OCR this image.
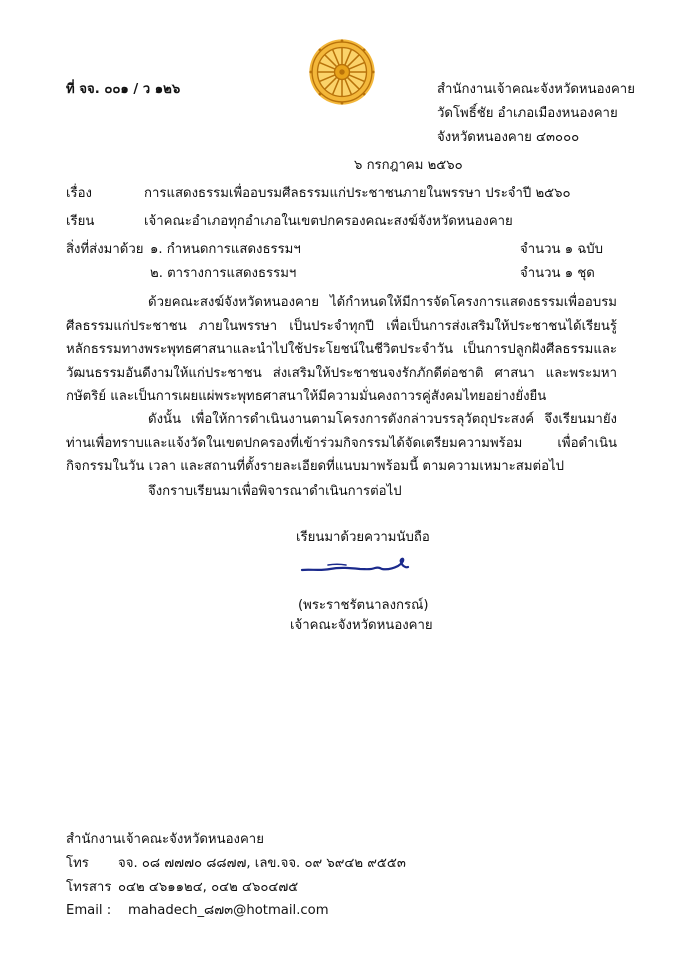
ที่ จจ. ๐๐๑ / ว ๑๒๖	สำนักงานเจ้าคณะจังหวัดหนองคาย
วัดโพธิ์ชัย อำเภอเมืองหนองคาย
จังหวัดหนองคาย ๔๓๐๐๐
๖ กรกฎาคม ๒๕๖๐
เรื่อง	การแสดงธรรมเพื่ออบรมศีลธรรมแก่ประชาชนภายในพรรษา ประจำปี ๒๕๖๐
เรียน	เจ้าคณะอำเภอทุกอำเภอในเขตปกครองคณะสงฆ์จังหวัดหนองคาย
สิ่งที่ส่งมาด้วย ๑. กำหนดการแสดงธรรมฯ	จำนวน ๑ ฉบับ
๒. ตารางการแสดงธรรมฯ	จำนวน ๑ ชุด
ด้วยคณะสงฆ์จังหวัดหนองคาย ได้กำหนดให้มีการจัดโครงการแสดงธรรมเพื่ออบรมศีลธรรมแก่ประชาชน ภายในพรรษา เป็นประจำทุกปี เพื่อเป็นการส่งเสริมให้ประชาชนได้เรียนรู้หลักธรรมทางพระพุทธศาสนาและนำไปใช้ประโยชน์ในชีวิตประจำวัน เป็นการปลูกฝังศีลธรรมและวัฒนธรรมอันดีงามให้แก่ประชาชน ส่งเสริมให้ประชาชนจงรักภักดีต่อชาติ ศาสนา และพระมหากษัตริย์ และเป็นการเผยแผ่พระพุทธศาสนาให้มีความมั่นคงถาวรคู่สังคมไทยอย่างยั่งยืน
ดังนั้น เพื่อให้การดำเนินงานตามโครงการดังกล่าวบรรลุวัตถุประสงค์ จึงเรียนมายังท่านเพื่อทราบและแจ้งวัดในเขตปกครองที่เข้าร่วมกิจกรรมได้จัดเตรียมความพร้อม เพื่อดำเนินกิจกรรมในวัน เวลา และสถานที่ตั้งรายละเอียดที่แนบมาพร้อมนี้ ตามความเหมาะสมต่อไป
จึงกราบเรียนมาเพื่อพิจารณาดำเนินการต่อไป
เรียนมาด้วยความนับถือ
(พระราชรัตนาลงกรณ์)
เจ้าคณะจังหวัดหนองคาย
สำนักงานเจ้าคณะจังหวัดหนองคาย
โทร จจ. ๐๘ ๗๗๗๐ ๘๘๗๗, เลข.จจ. ๐๙ ๖๙๔๒ ๙๕๕๓
โทรสาร ๐๔๒ ๔๖๑๑๒๔, ๐๔๒ ๔๖๐๔๗๕
Email : mahadech_๘๗๓@hotmail.com
